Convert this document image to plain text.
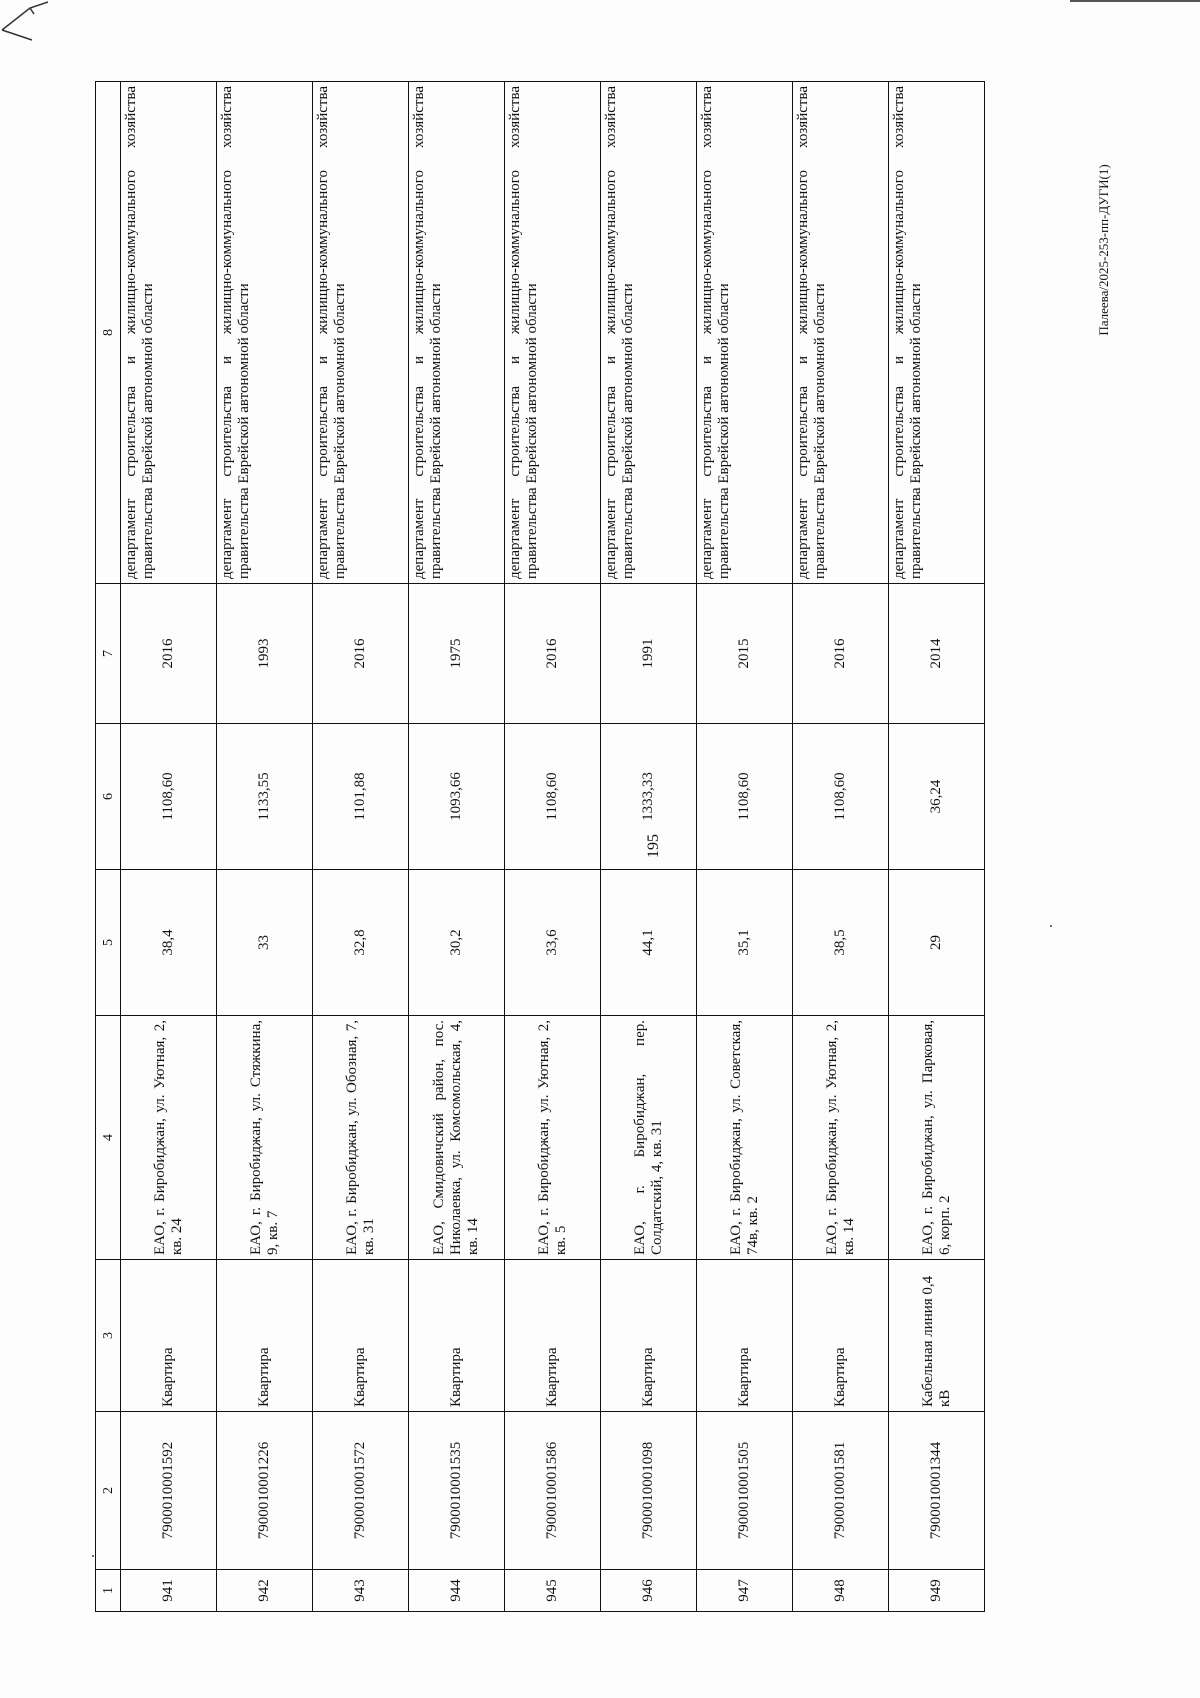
195
Палеева/2025-253-пп-ДУГИ(1)
1	2	3	4	5	6	7	8
941	7900010001592	Квартира	ЕАО, г. Биробиджан, ул. Уютная, 2, кв. 24	38,4	1108,60	2016	департамент строительства и жилищно-коммунального хозяйства правительства Еврейской автономной области
942	7900010001226	Квартира	ЕАО, г. Биробиджан, ул. Стяжкина, 9, кв. 7	33	1133,55	1993	департамент строительства и жилищно-коммунального хозяйства правительства Еврейской автономной области
943	7900010001572	Квартира	ЕАО, г. Биробиджан, ул. Обозная, 7, кв. 31	32,8	1101,88	2016	департамент строительства и жилищно-коммунального хозяйства правительства Еврейской автономной области
944	7900010001535	Квартира	ЕАО, Смидовичский район, пос. Николаевка, ул. Комсомольская, 4, кв. 14	30,2	1093,66	1975	департамент строительства и жилищно-коммунального хозяйства правительства Еврейской автономной области
945	7900010001586	Квартира	ЕАО, г. Биробиджан, ул. Уютная, 2, кв. 5	33,6	1108,60	2016	департамент строительства и жилищно-коммунального хозяйства правительства Еврейской автономной области
946	7900010001098	Квартира	ЕАО, г. Биробиджан, пер. Солдатский, 4, кв. 31	44,1	1333,33	1991	департамент строительства и жилищно-коммунального хозяйства правительства Еврейской автономной области
947	7900010001505	Квартира	ЕАО, г. Биробиджан, ул. Советская, 74в, кв. 2	35,1	1108,60	2015	департамент строительства и жилищно-коммунального хозяйства правительства Еврейской автономной области
948	7900010001581	Квартира	ЕАО, г. Биробиджан, ул. Уютная, 2, кв. 14	38,5	1108,60	2016	департамент строительства и жилищно-коммунального хозяйства правительства Еврейской автономной области
949	7900010001344	Кабельная линия 0,4 кВ	ЕАО, г. Биробиджан, ул. Парковая, 6, корп. 2	29	36,24	2014	департамент строительства и жилищно-коммунального хозяйства правительства Еврейской автономной области
